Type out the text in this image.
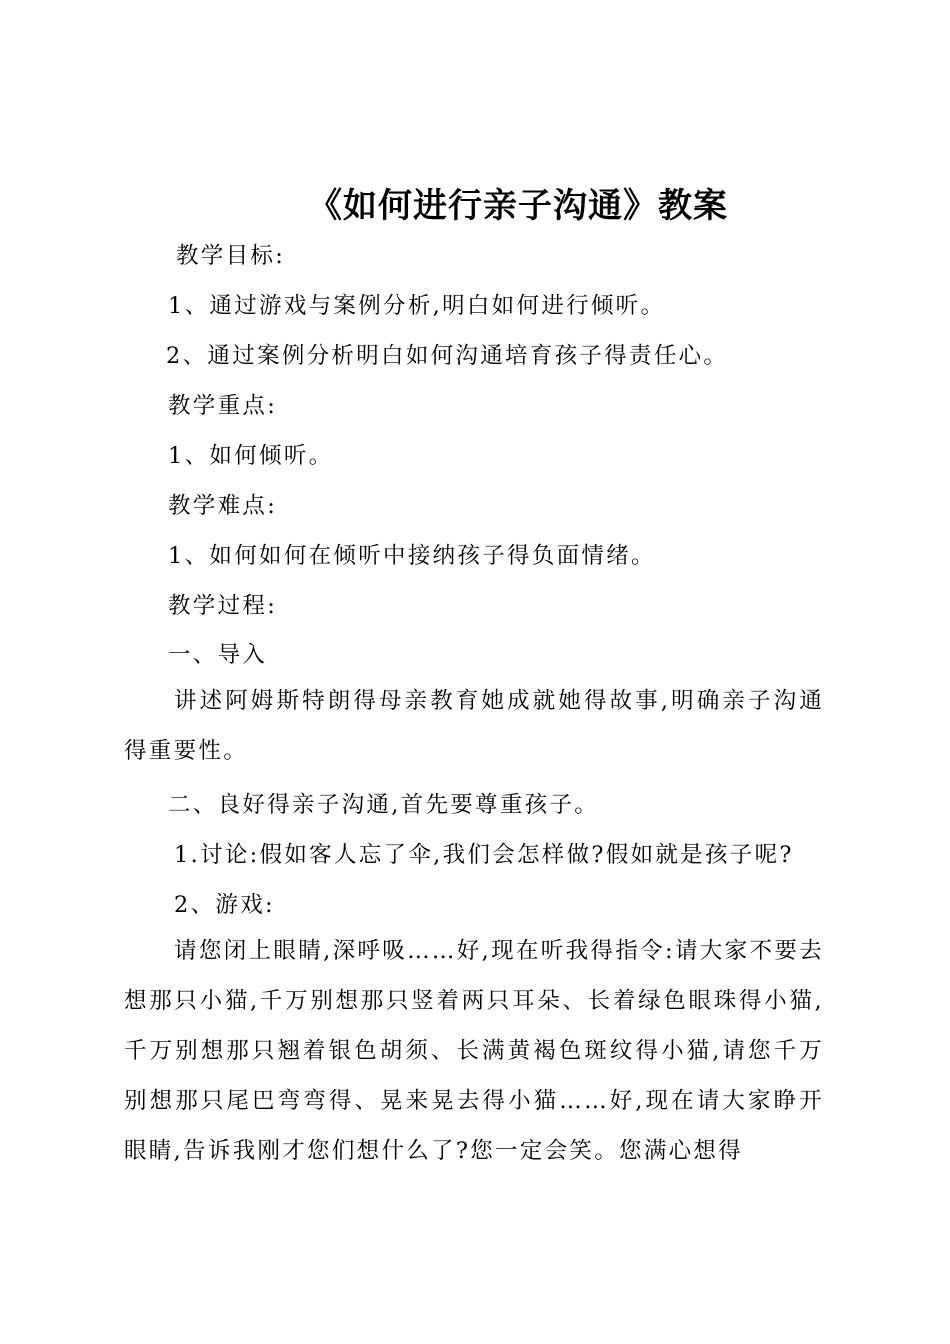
《如何进行亲子沟通》教案

教学目标:

1、通过游戏与案例分析,明白如何进行倾听。

2、通过案例分析明白如何沟通培育孩子得责任心。

教学重点:

1、如何倾听。

教学难点:

1、如何如何在倾听中接纳孩子得负面情绪。

教学过程:

一、导入

讲述阿姆斯特朗得母亲教育她成就她得故事,明确亲子沟通得重要性。

二、良好得亲子沟通,首先要尊重孩子。

1.讨论:假如客人忘了伞,我们会怎样做?假如就是孩子呢?

2、游戏:

请您闭上眼睛,深呼吸……好,现在听我得指令:请大家不要去想那只小猫,千万别想那只竖着两只耳朵、长着绿色眼珠得小猫,千万别想那只翘着银色胡须、长满黄褐色斑纹得小猫,请您千万别想那只尾巴弯弯得、晃来晃去得小猫……好,现在请大家睁开眼睛,告诉我刚才您们想什么了?您一定会笑。您满心想得
